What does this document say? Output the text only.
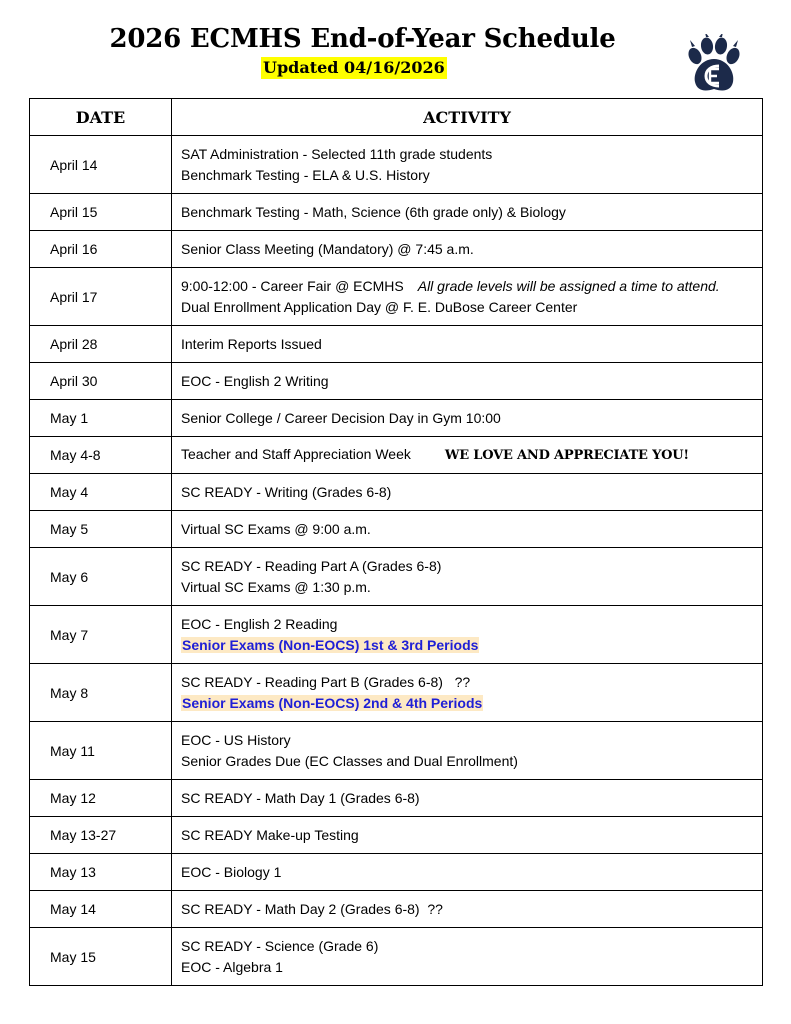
2026 ECMHS End-of-Year Schedule
Updated 04/16/2026
DATE	ACTIVITY
April 14	SAT Administration - Selected 11th grade students
Benchmark Testing - ELA & U.S. History

April 15	Benchmark Testing - Math, Science (6th grade only) & Biology

April 16	Senior Class Meeting (Mandatory) @ 7:45 a.m.

April 17	9:00-12:00 - Career Fair @ ECMHS All grade levels will be assigned a time to attend.
Dual Enrollment Application Day @ F. E. DuBose Career Center

April 28	Interim Reports Issued

April 30	EOC - English 2 Writing

May 1	Senior College / Career Decision Day in Gym 10:00

May 4-8	Teacher and Staff Appreciation Week WE LOVE AND APPRECIATE YOU!

May 4	SC READY - Writing (Grades 6-8)

May 5	Virtual SC Exams @ 9:00 a.m.

May 6	SC READY - Reading Part A (Grades 6-8)
Virtual SC Exams @ 1:30 p.m.

May 7	EOC - English 2 Reading
Senior Exams (Non-EOCS) 1st & 3rd Periods

May 8	SC READY - Reading Part B (Grades 6-8)   ??
Senior Exams (Non-EOCS) 2nd & 4th Periods

May 11	EOC - US History
Senior Grades Due (EC Classes and Dual Enrollment)

May 12	SC READY - Math Day 1 (Grades 6-8)

May 13-27	SC READY Make-up Testing

May 13	EOC - Biology 1

May 14	SC READY - Math Day 2 (Grades 6-8)  ??

May 15	SC READY - Science (Grade 6)
EOC - Algebra 1
